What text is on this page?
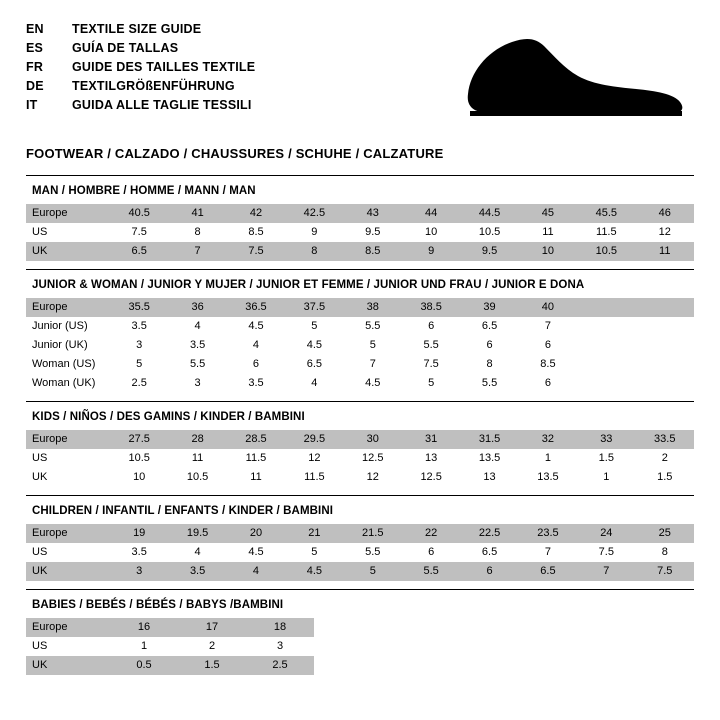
EN	TEXTILE SIZE GUIDE
ES	GUÍA DE TALLAS
FR	GUIDE DES TAILLES TEXTILE
DE	TEXTILGRÖßENFÜHRUNG
IT	GUIDA ALLE TAGLIE TESSILI
FOOTWEAR / CALZADO / CHAUSSURES / SCHUHE / CALZATURE
MAN / HOMBRE / HOMME / MANN / MAN
Europe	40.5	41	42	42.5	43	44	44.5	45	45.5	46
US	7.5	8	8.5	9	9.5	10	10.5	11	11.5	12
UK	6.5	7	7.5	8	8.5	9	9.5	10	10.5	11
JUNIOR & WOMAN / JUNIOR Y MUJER / JUNIOR ET FEMME / JUNIOR UND FRAU / JUNIOR E DONA
Europe	35.5	36	36.5	37.5	38	38.5	39	40		
Junior (US)	3.5	4	4.5	5	5.5	6	6.5	7		
Junior (UK)	3	3.5	4	4.5	5	5.5	6	6		
Woman (US)	5	5.5	6	6.5	7	7.5	8	8.5		
Woman (UK)	2.5	3	3.5	4	4.5	5	5.5	6		
KIDS / NIÑOS / DES GAMINS / KINDER / BAMBINI
Europe	27.5	28	28.5	29.5	30	31	31.5	32	33	33.5
US	10.5	11	11.5	12	12.5	13	13.5	1	1.5	2
UK	10	10.5	11	11.5	12	12.5	13	13.5	1	1.5
CHILDREN / INFANTIL / ENFANTS / KINDER / BAMBINI
Europe	19	19.5	20	21	21.5	22	22.5	23.5	24	25
US	3.5	4	4.5	5	5.5	6	6.5	7	7.5	8
UK	3	3.5	4	4.5	5	5.5	6	6.5	7	7.5
BABIES / BEBÉS / BÉBÉS / BABYS /BAMBINI
Europe	16	17	18
US	1	2	3
UK	0.5	1.5	2.5
